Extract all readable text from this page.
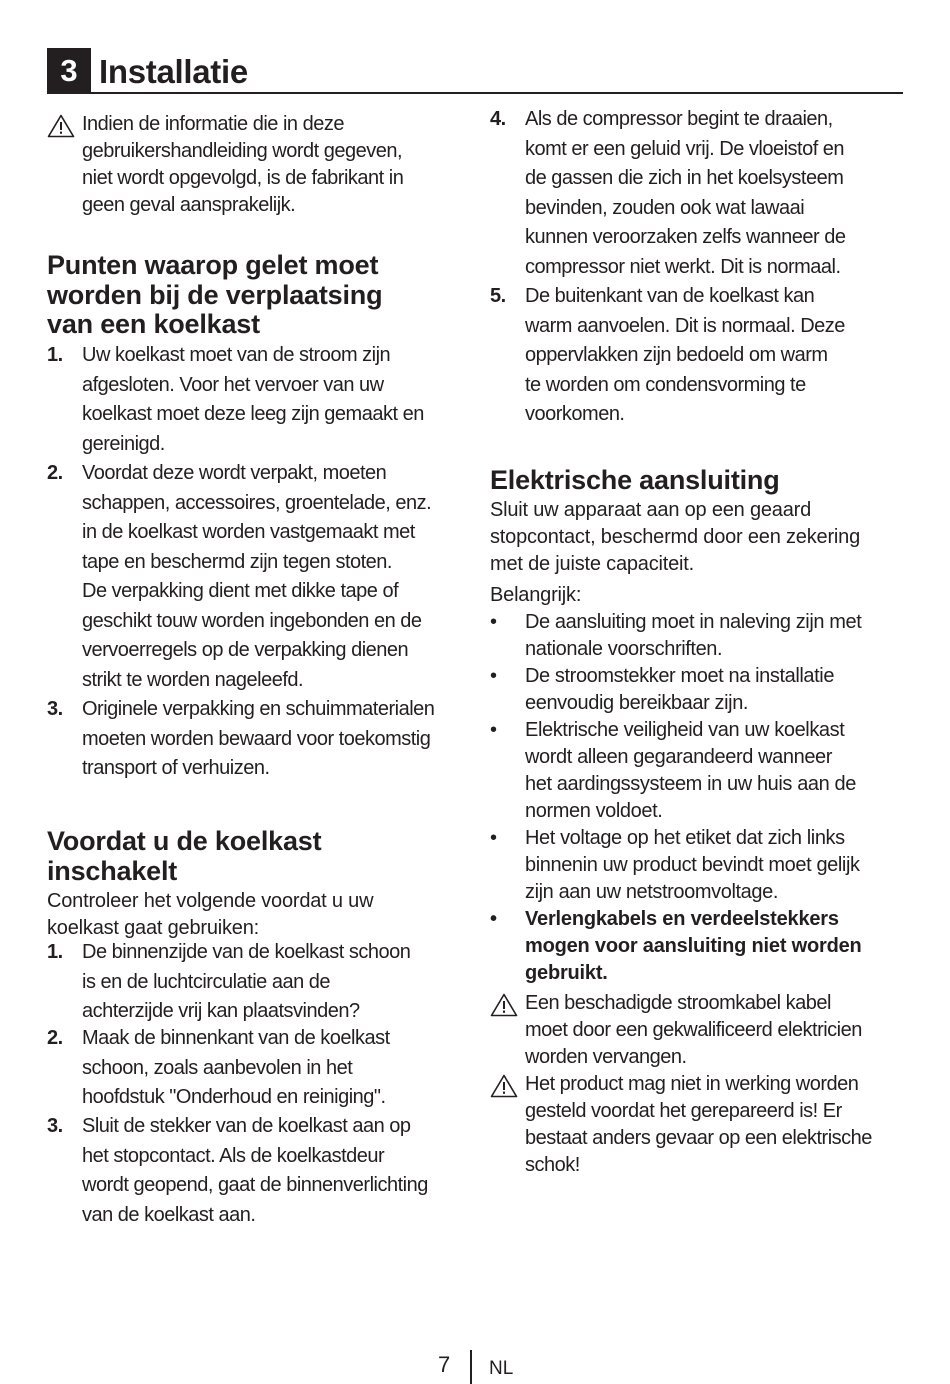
3 Installatie
Indien de informatie die in deze
gebruikershandleiding wordt gegeven,
niet wordt opgevolgd, is de fabrikant in
geen geval aansprakelijk.
Punten waarop gelet moet
worden bij de verplaatsing
van een koelkast
1. Uw koelkast moet van de stroom zijn
afgesloten. Voor het vervoer van uw
koelkast moet deze leeg zijn gemaakt en
gereinigd.
2. Voordat deze wordt verpakt, moeten
schappen, accessoires, groentelade, enz.
in de koelkast worden vastgemaakt met
tape en beschermd zijn tegen stoten.
De verpakking dient met dikke tape of
geschikt touw worden ingebonden en de
vervoerregels op de verpakking dienen
strikt te worden nageleefd.
3. Originele verpakking en schuimmaterialen
moeten worden bewaard voor toekomstig
transport of verhuizen.
Voordat u de koelkast
inschakelt
Controleer het volgende voordat u uw
koelkast gaat gebruiken:
1. De binnenzijde van de koelkast schoon
is en de luchtcirculatie aan de
achterzijde vrij kan plaatsvinden?
2. Maak de binnenkant van de koelkast
schoon, zoals aanbevolen in het
hoofdstuk "Onderhoud en reiniging".
3. Sluit de stekker van de koelkast aan op
het stopcontact. Als de koelkastdeur
wordt geopend, gaat de binnenverlichting
van de koelkast aan.
4. Als de compressor begint te draaien,
komt er een geluid vrij. De vloeistof en
de gassen die zich in het koelsysteem
bevinden, zouden ook wat lawaai
kunnen veroorzaken zelfs wanneer de
compressor niet werkt. Dit is normaal.
5. De buitenkant van de koelkast kan
warm aanvoelen. Dit is normaal. Deze
oppervlakken zijn bedoeld om warm
te worden om condensvorming te
voorkomen.
Elektrische aansluiting
Sluit uw apparaat aan op een geaard
stopcontact, beschermd door een zekering
met de juiste capaciteit.
Belangrijk:
•	De aansluiting moet in naleving zijn met
nationale voorschriften.
•	De stroomstekker moet na installatie
eenvoudig bereikbaar zijn.
•	Elektrische veiligheid van uw koelkast
wordt alleen gegarandeerd wanneer
het aardingssysteem in uw huis aan de
normen voldoet.
•	Het voltage op het etiket dat zich links
binnenin uw product bevindt moet gelijk
zijn aan uw netstroomvoltage.
•	Verlengkabels en verdeelstekkers
mogen voor aansluiting niet worden
gebruikt.
Een beschadigde stroomkabel kabel
moet door een gekwalificeerd elektricien
worden vervangen.
Het product mag niet in werking worden
gesteld voordat het gerepareerd is! Er
bestaat anders gevaar op een elektrische
schok!
7 NL
